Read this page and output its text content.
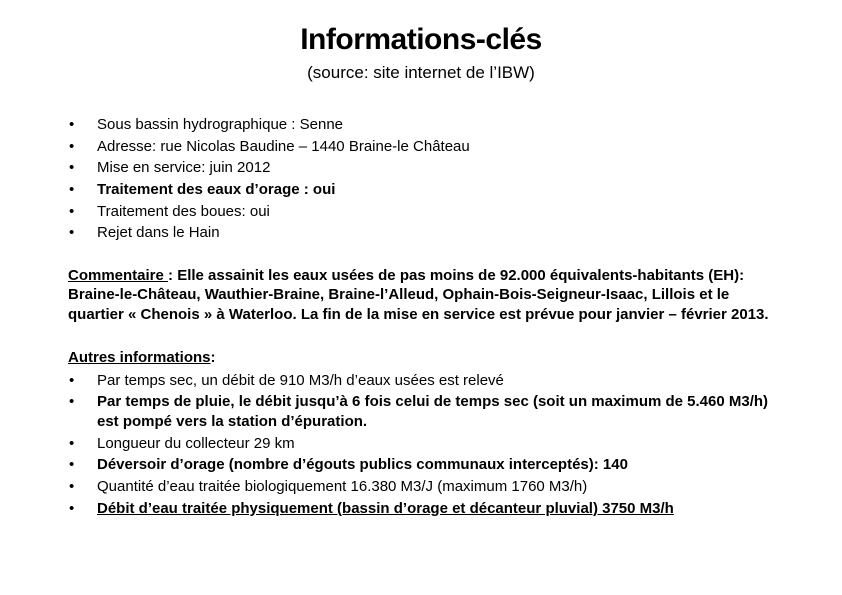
Informations-clés

(source: site internet de l’IBW)

• Sous bassin hydrographique : Senne
• Adresse: rue Nicolas Baudine – 1440 Braine-le Château
• Mise en service: juin 2012
• Traitement des eaux d’orage : oui
• Traitement des boues: oui
• Rejet dans le Hain

Commentaire : Elle assainit les eaux usées de pas moins de 92.000 équivalents-habitants (EH): Braine-le-Château, Wauthier-Braine, Braine-l’Alleud, Ophain-Bois-Seigneur-Isaac, Lillois et le quartier « Chenois » à Waterloo. La fin de la mise en service est prévue pour janvier – février 2013.

Autres informations:

• Par temps sec, un débit de 910 M3/h d’eaux usées est relevé
• Par temps de pluie, le débit jusqu’à 6 fois celui de temps sec (soit un maximum de 5.460 M3/h) est pompé vers la station d’épuration.
• Longueur du collecteur 29 km
• Déversoir d’orage (nombre d’égouts publics communaux interceptés): 140
• Quantité d’eau traitée biologiquement 16.380 M3/J (maximum 1760 M3/h)
• Débit d’eau traitée physiquement (bassin d’orage et décanteur pluvial) 3750 M3/h
